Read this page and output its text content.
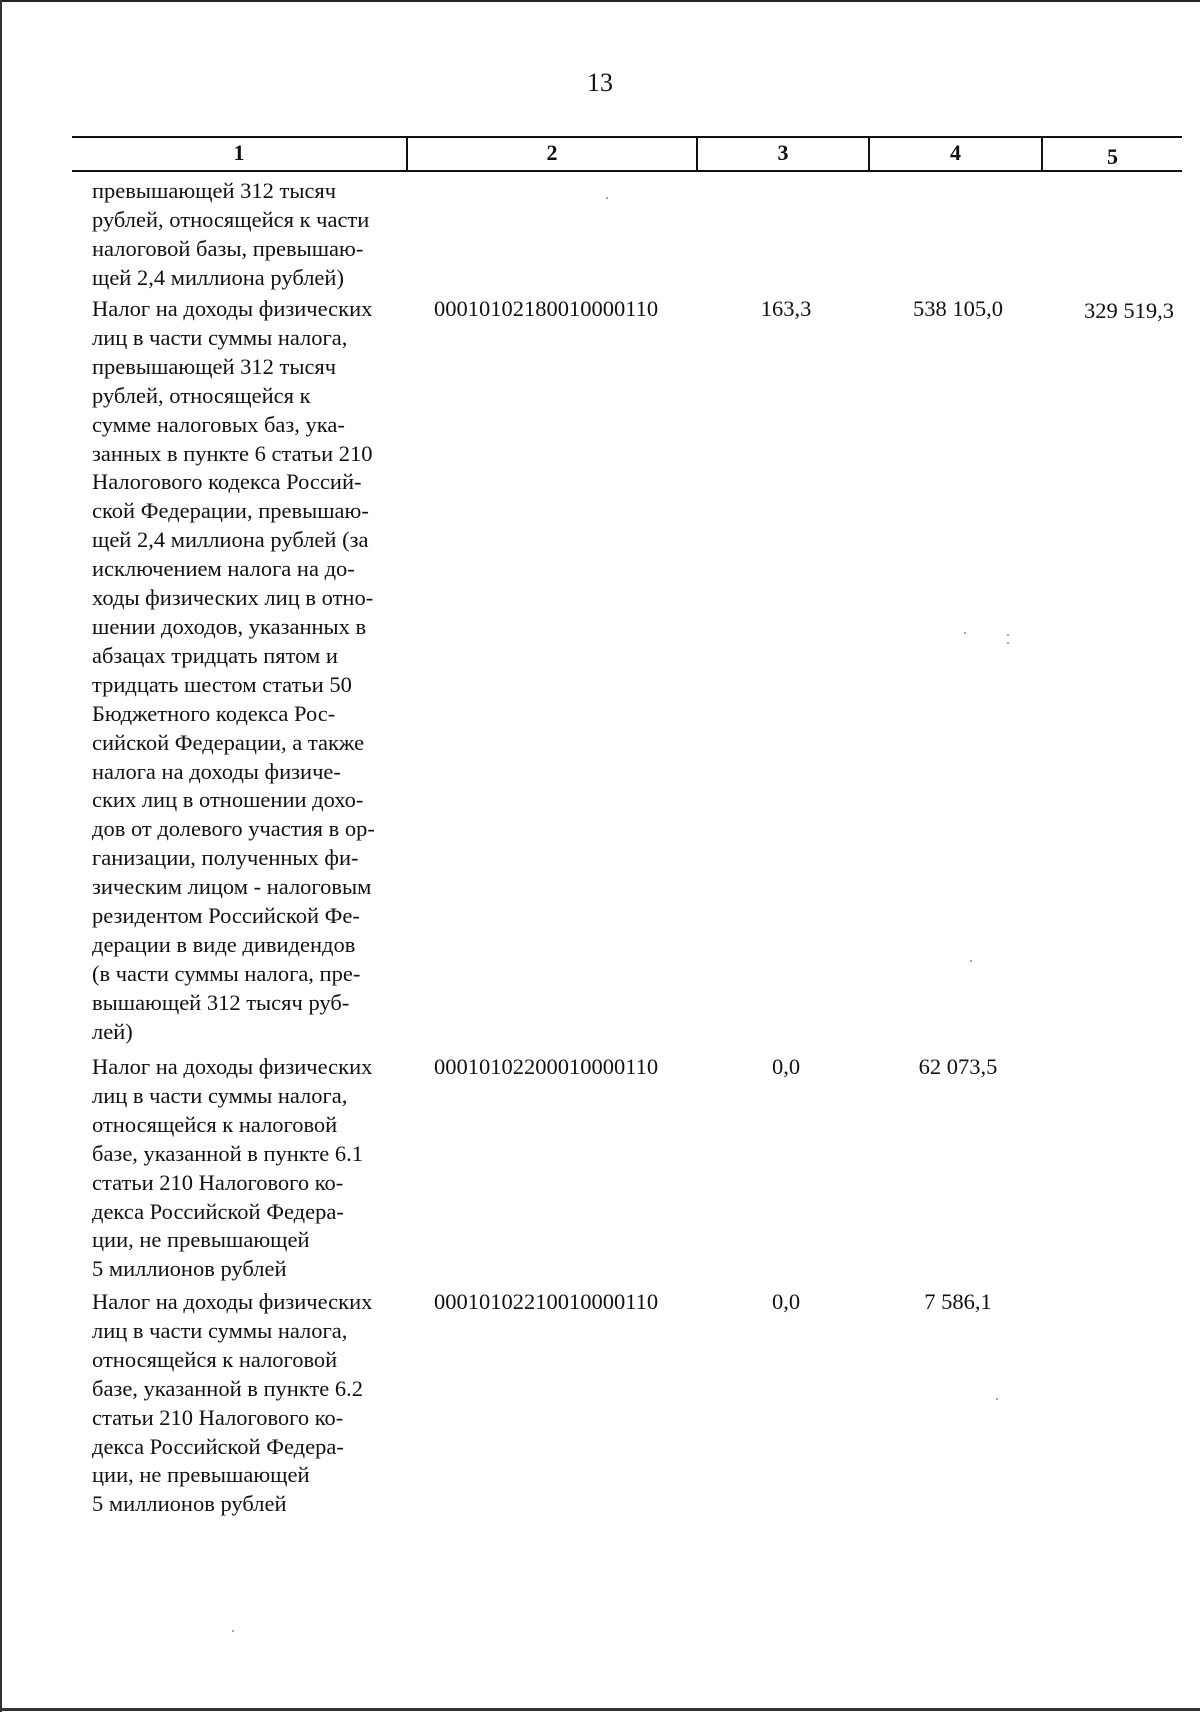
13
1	2	3	4	5
превышающей 312 тысяч
рублей, относящейся к части
налоговой базы, превышаю-
щей 2,4 миллиона рублей)
Налог на доходы физических
лиц в части суммы налога,
превышающей 312 тысяч
рублей, относящейся к
сумме налоговых баз, ука-
занных в пункте 6 статьи 210
Налогового кодекса Россий-
ской Федерации, превышаю-
щей 2,4 миллиона рублей (за
исключением налога на до-
ходы физических лиц в отно-
шении доходов, указанных в
абзацах тридцать пятом и
тридцать шестом статьи 50
Бюджетного кодекса Рос-
сийской Федерации, а также
налога на доходы физиче-
ских лиц в отношении дохо-
дов от долевого участия в ор-
ганизации, полученных фи-
зическим лицом - налоговым
резидентом Российской Фе-
дерации в виде дивидендов
(в части суммы налога, пре-
вышающей 312 тысяч руб-
лей)
00010102180010000110	163,3	538 105,0	329 519,3
Налог на доходы физических
лиц в части суммы налога,
относящейся к налоговой
базе, указанной в пункте 6.1
статьи 210 Налогового ко-
декса Российской Федера-
ции, не превышающей
5 миллионов рублей
00010102200010000110	0,0	62 073,5
Налог на доходы физических
лиц в части суммы налога,
относящейся к налоговой
базе, указанной в пункте 6.2
статьи 210 Налогового ко-
декса Российской Федера-
ции, не превышающей
5 миллионов рублей
00010102210010000110	0,0	7 586,1
